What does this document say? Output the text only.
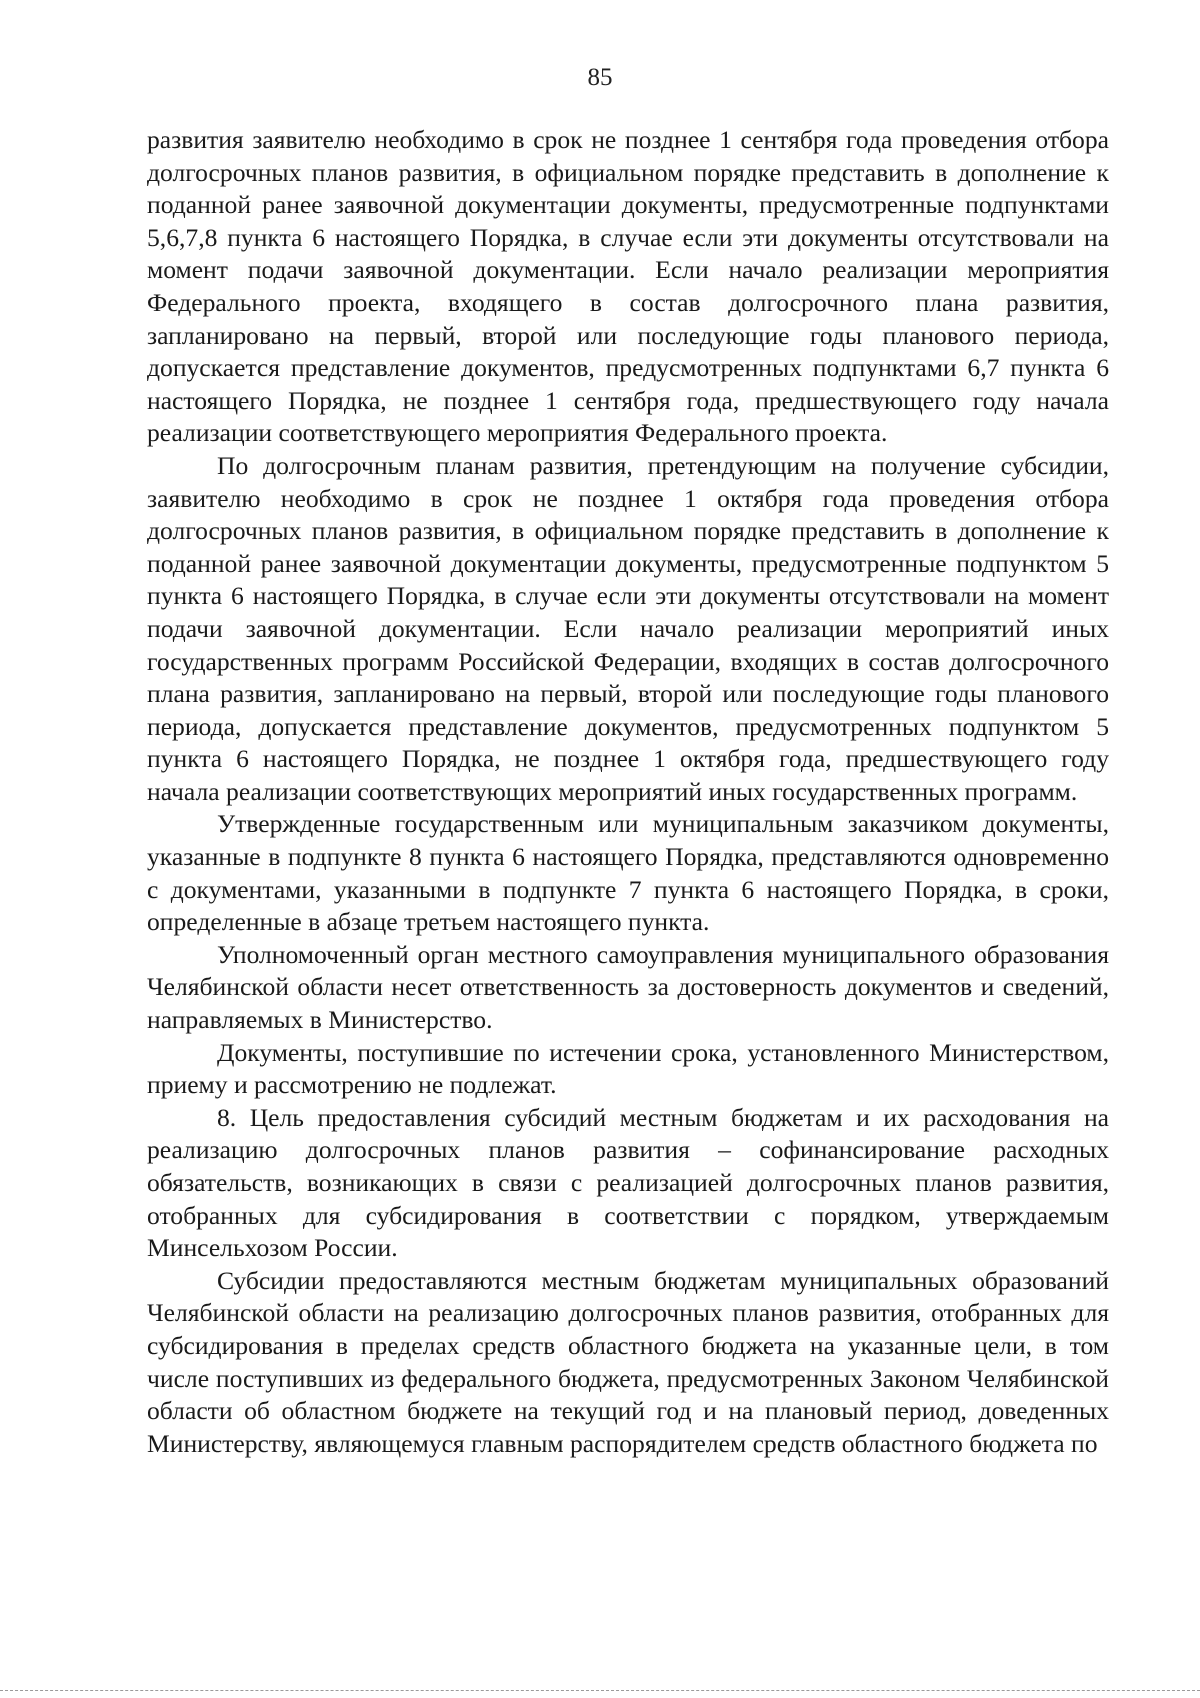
85

развития заявителю необходимо в срок не позднее 1 сентября года проведения отбора долгосрочных планов развития, в официальном порядке представить в дополнение к поданной ранее заявочной документации документы, предусмотренные подпунктами 5,6,7,8 пункта 6 настоящего Порядка, в случае если эти документы отсутствовали на момент подачи заявочной документации. Если начало реализации мероприятия Федерального проекта, входящего в состав долгосрочного плана развития, запланировано на первый, второй или последующие годы планового периода, допускается представление документов, предусмотренных подпунктами 6,7 пункта 6 настоящего Порядка, не позднее 1 сентября года, предшествующего году начала реализации соответствующего мероприятия Федерального проекта.

По долгосрочным планам развития, претендующим на получение субсидии, заявителю необходимо в срок не позднее 1 октября года проведения отбора долгосрочных планов развития, в официальном порядке представить в дополнение к поданной ранее заявочной документации документы, предусмотренные подпунктом 5 пункта 6 настоящего Порядка, в случае если эти документы отсутствовали на момент подачи заявочной документации. Если начало реализации мероприятий иных государственных программ Российской Федерации, входящих в состав долгосрочного плана развития, запланировано на первый, второй или последующие годы планового периода, допускается представление документов, предусмотренных подпунктом 5 пункта 6 настоящего Порядка, не позднее 1 октября года, предшествующего году начала реализации соответствующих мероприятий иных государственных программ.

Утвержденные государственным или муниципальным заказчиком документы, указанные в подпункте 8 пункта 6 настоящего Порядка, представляются одновременно с документами, указанными в подпункте 7 пункта 6 настоящего Порядка, в сроки, определенные в абзаце третьем настоящего пункта.

Уполномоченный орган местного самоуправления муниципального образования Челябинской области несет ответственность за достоверность документов и сведений, направляемых в Министерство.

Документы, поступившие по истечении срока, установленного Министерством, приему и рассмотрению не подлежат.

8. Цель предоставления субсидий местным бюджетам и их расходования на реализацию долгосрочных планов развития – софинансирование расходных обязательств, возникающих в связи с реализацией долгосрочных планов развития, отобранных для субсидирования в соответствии с порядком, утверждаемым Минсельхозом России.

Субсидии предоставляются местным бюджетам муниципальных образований Челябинской области на реализацию долгосрочных планов развития, отобранных для субсидирования в пределах средств областного бюджета на указанные цели, в том числе поступивших из федерального бюджета, предусмотренных Законом Челябинской области об областном бюджете на текущий год и на плановый период, доведенных Министерству, являющемуся главным распорядителем средств областного бюджета по
